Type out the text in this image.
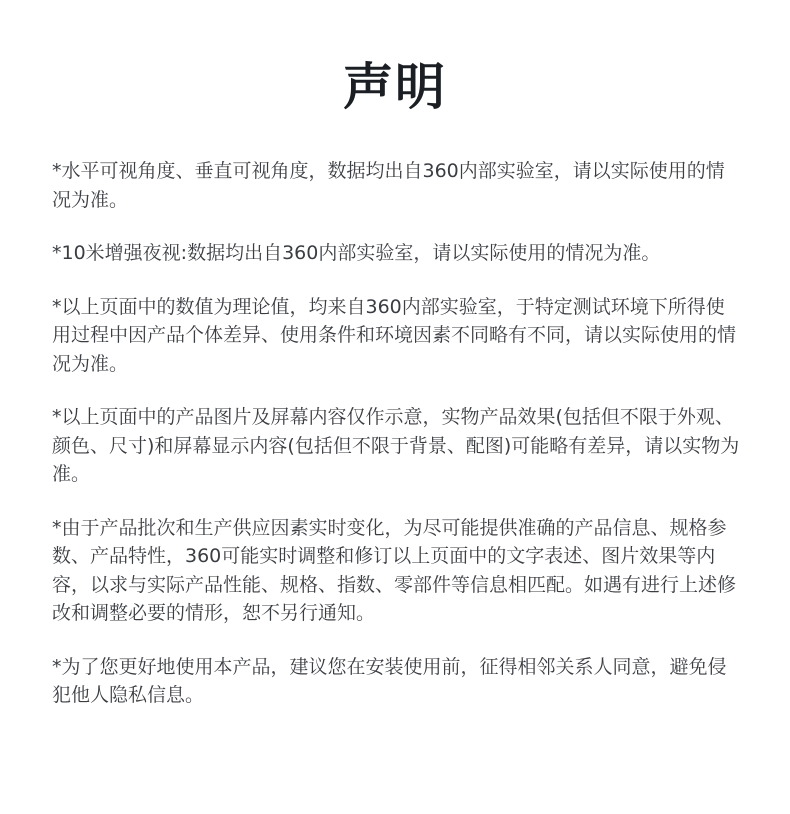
声明

*水平可视角度、垂直可视角度，数据均出自360内部实验室，请以实际使用的情况为准。

*10米增强夜视:数据均出自360内部实验室，请以实际使用的情况为准。

*以上页面中的数值为理论值，均来自360内部实验室，于特定测试环境下所得使用过程中因产品个体差异、使用条件和环境因素不同略有不同，请以实际使用的情况为准。

*以上页面中的产品图片及屏幕内容仅作示意，实物产品效果(包括但不限于外观、颜色、尺寸)和屏幕显示内容(包括但不限于背景、配图)可能略有差异，请以实物为准。

*由于产品批次和生产供应因素实时变化，为尽可能提供准确的产品信息、规格参数、产品特性，360可能实时调整和修订以上页面中的文字表述、图片效果等内容，以求与实际产品性能、规格、指数、零部件等信息相匹配。如遇有进行上述修改和调整必要的情形，恕不另行通知。

*为了您更好地使用本产品，建议您在安装使用前，征得相邻关系人同意，避免侵犯他人隐私信息。
